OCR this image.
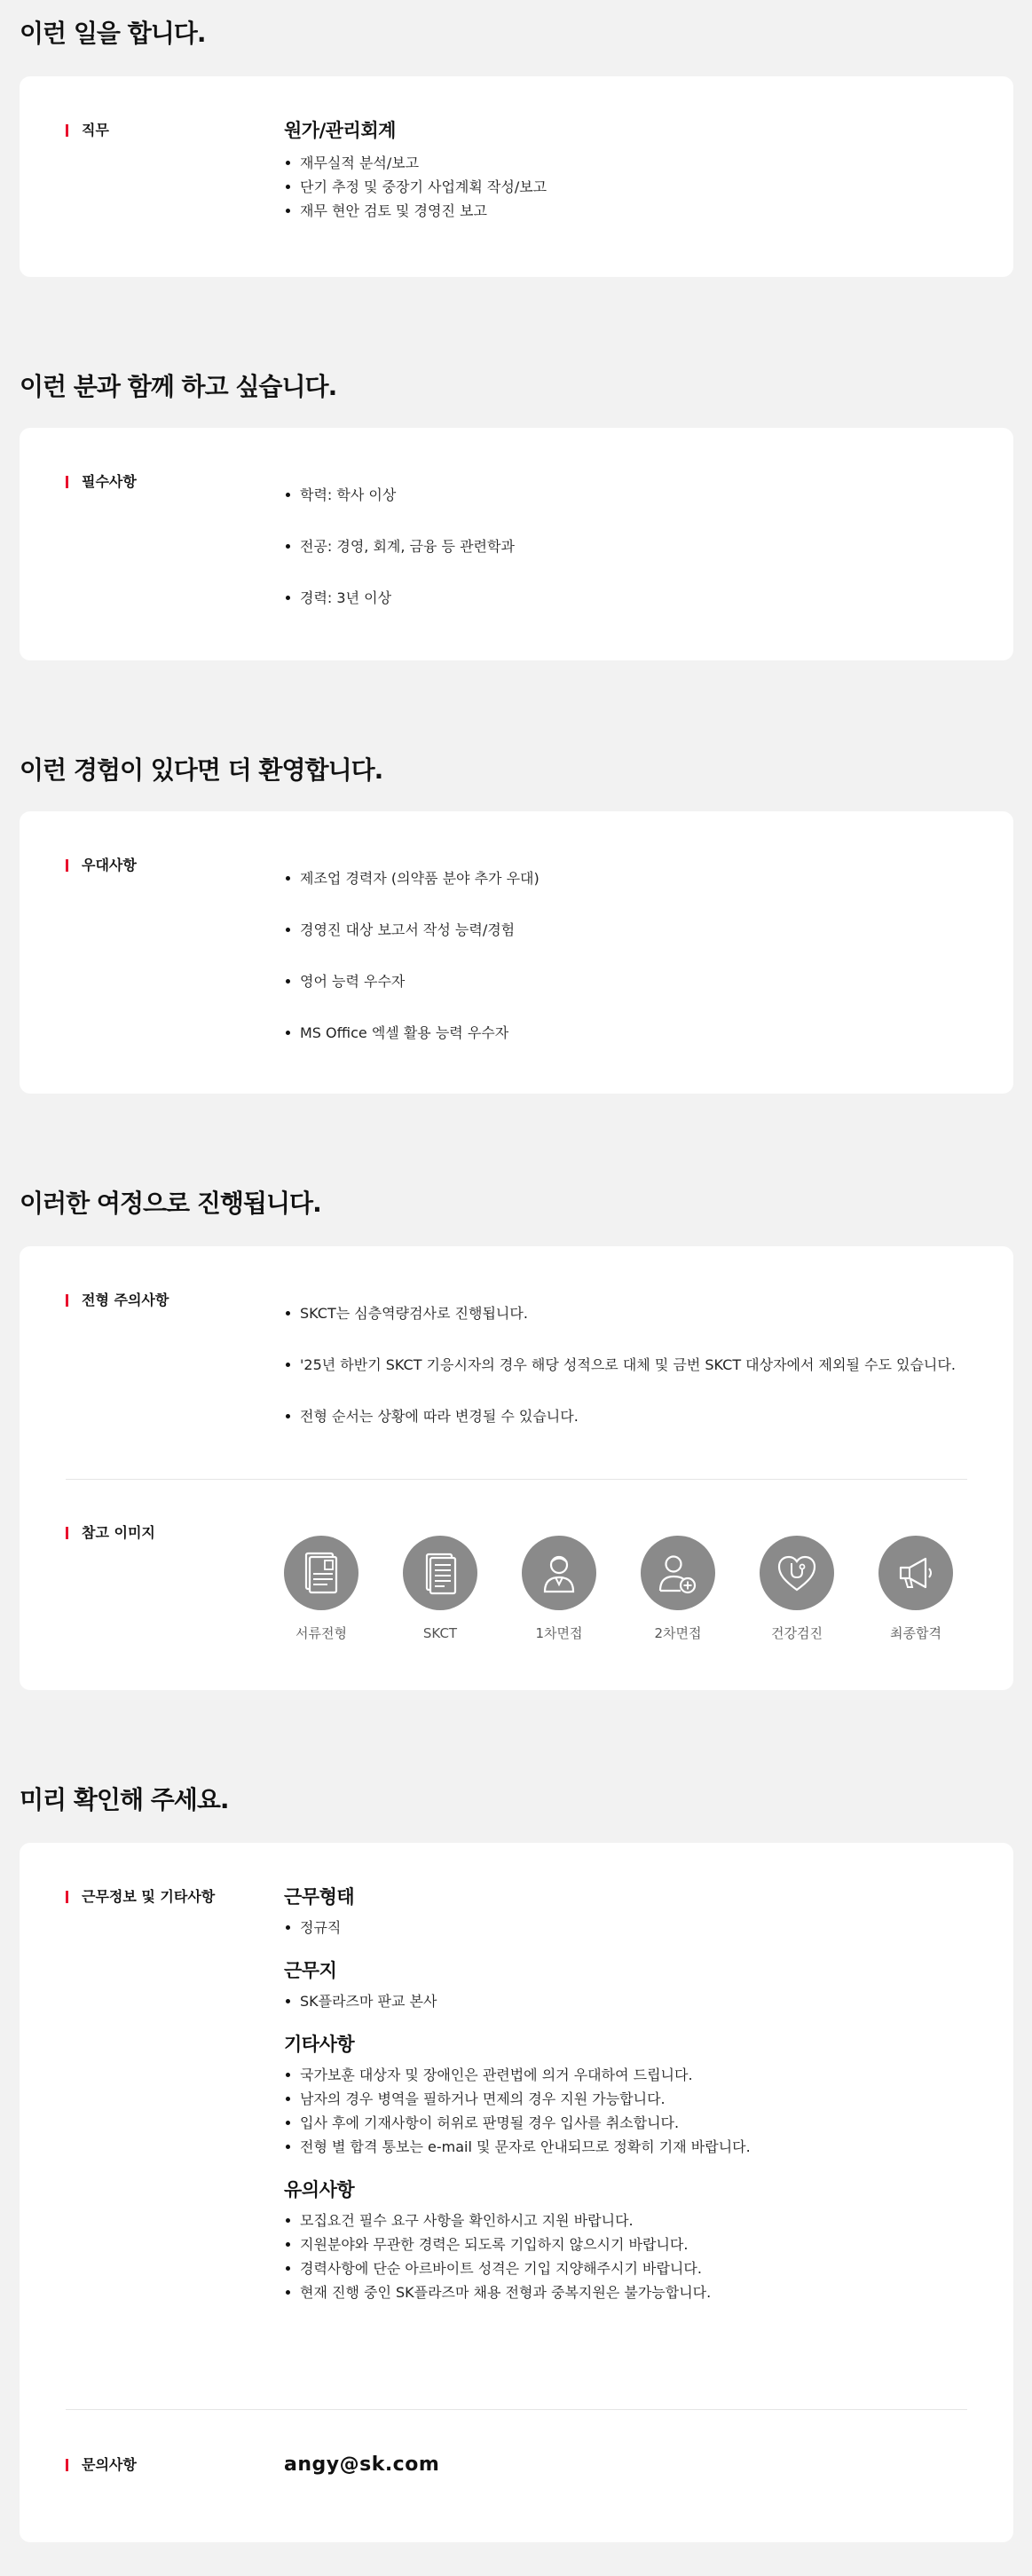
이런 일을 합니다.
직무	원가/관리회계
재무실적 분석/보고
단기 추정 및 중장기 사업계획 작성/보고
재무 현안 검토 및 경영진 보고
이런 분과 함께 하고 싶습니다.
필수사항
학력: 학사 이상
전공: 경영, 회계, 금융 등 관련학과
경력: 3년 이상
이런 경험이 있다면 더 환영합니다.
우대사항
제조업 경력자 (의약품 분야 추가 우대)
경영진 대상 보고서 작성 능력/경험
영어 능력 우수자
MS Office 엑셀 활용 능력 우수자
이러한 여정으로 진행됩니다.
전형 주의사항
SKCT는 심층역량검사로 진행됩니다.
'25년 하반기 SKCT 기응시자의 경우 해당 성적으로 대체 및 금번 SKCT 대상자에서 제외될 수도 있습니다.
전형 순서는 상황에 따라 변경될 수 있습니다.
참고 이미지
서류전형	SKCT	1차면접	2차면접	건강검진	최종합격
미리 확인해 주세요.
근무정보 및 기타사항	근무형태
정규직
근무지
SK플라즈마 판교 본사
기타사항
국가보훈 대상자 및 장애인은 관련법에 의거 우대하여 드립니다.
남자의 경우 병역을 필하거나 면제의 경우 지원 가능합니다.
입사 후에 기재사항이 허위로 판명될 경우 입사를 취소합니다.
전형 별 합격 통보는 e-mail 및 문자로 안내되므로 정확히 기재 바랍니다.
유의사항
모집요건 필수 요구 사항을 확인하시고 지원 바랍니다.
지원분야와 무관한 경력은 되도록 기입하지 않으시기 바랍니다.
경력사항에 단순 아르바이트 성격은 기입 지양해주시기 바랍니다.
현재 진행 중인 SK플라즈마 채용 전형과 중복지원은 불가능합니다.
문의사항	angy@sk.com
